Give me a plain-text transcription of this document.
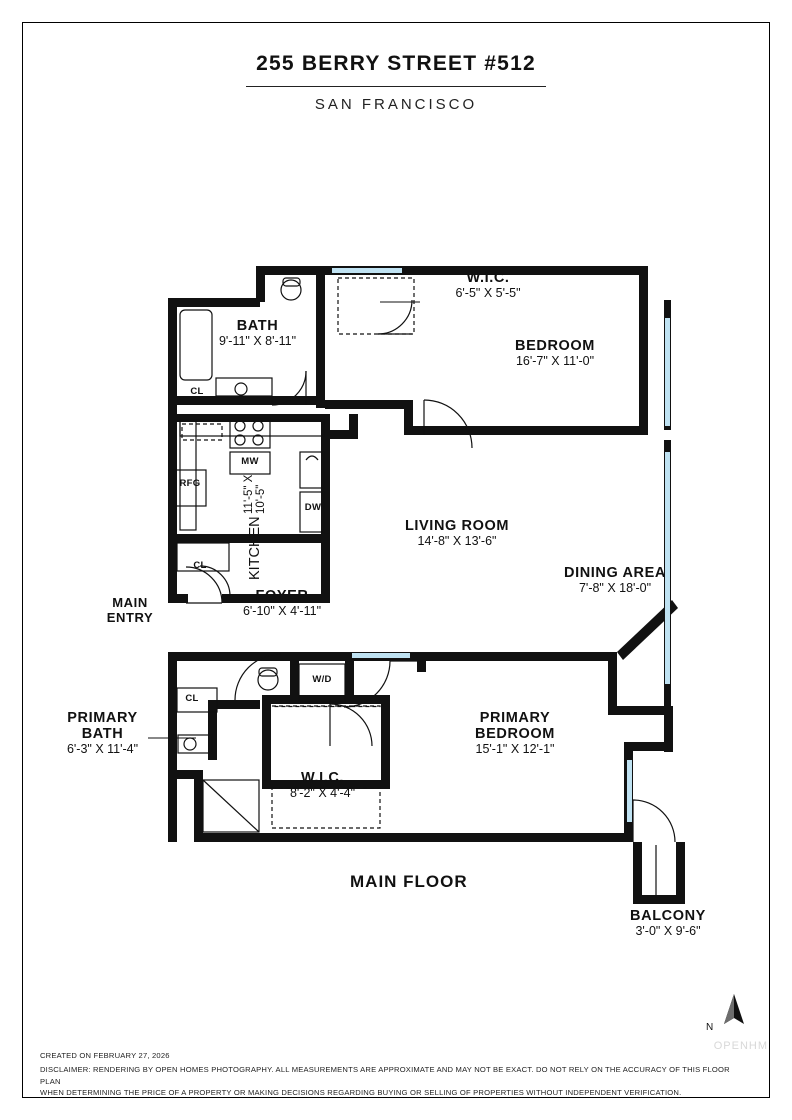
255 BERRY STREET #512
SAN FRANCISCO
W.I.C.
6'-5" X 5'-5"
BEDROOM
16'-7" X 11'-0"
BATH
9'-11" X 8'-11"
KITCHEN
11'-5" X 10'-5"
LIVING ROOM
14'-8" X 13'-6"
DINING AREA
7'-8" X 18'-0"
FOYER
6'-10" X 4'-11"
MAIN
ENTRY
PRIMARY
BATH
6'-3" X 11'-4"
PRIMARY
BEDROOM
15'-1" X 12'-1"
W.I.C.
8'-2" X 4'-4"
BALCONY
3'-0" X 9'-6"
CL
CL
CL
MW
RFG
DW
W/D
MAIN FLOOR
N
OPENHM
CREATED ON FEBRUARY 27, 2026
DISCLAIMER: RENDERING BY OPEN HOMES PHOTOGRAPHY. ALL MEASUREMENTS ARE APPROXIMATE AND MAY NOT BE EXACT. DO NOT RELY ON THE ACCURACY OF THIS FLOOR PLAN
WHEN DETERMINING THE PRICE OF A PROPERTY OR MAKING DECISIONS REGARDING BUYING OR SELLING OF PROPERTIES WITHOUT INDEPENDENT VERIFICATION.
